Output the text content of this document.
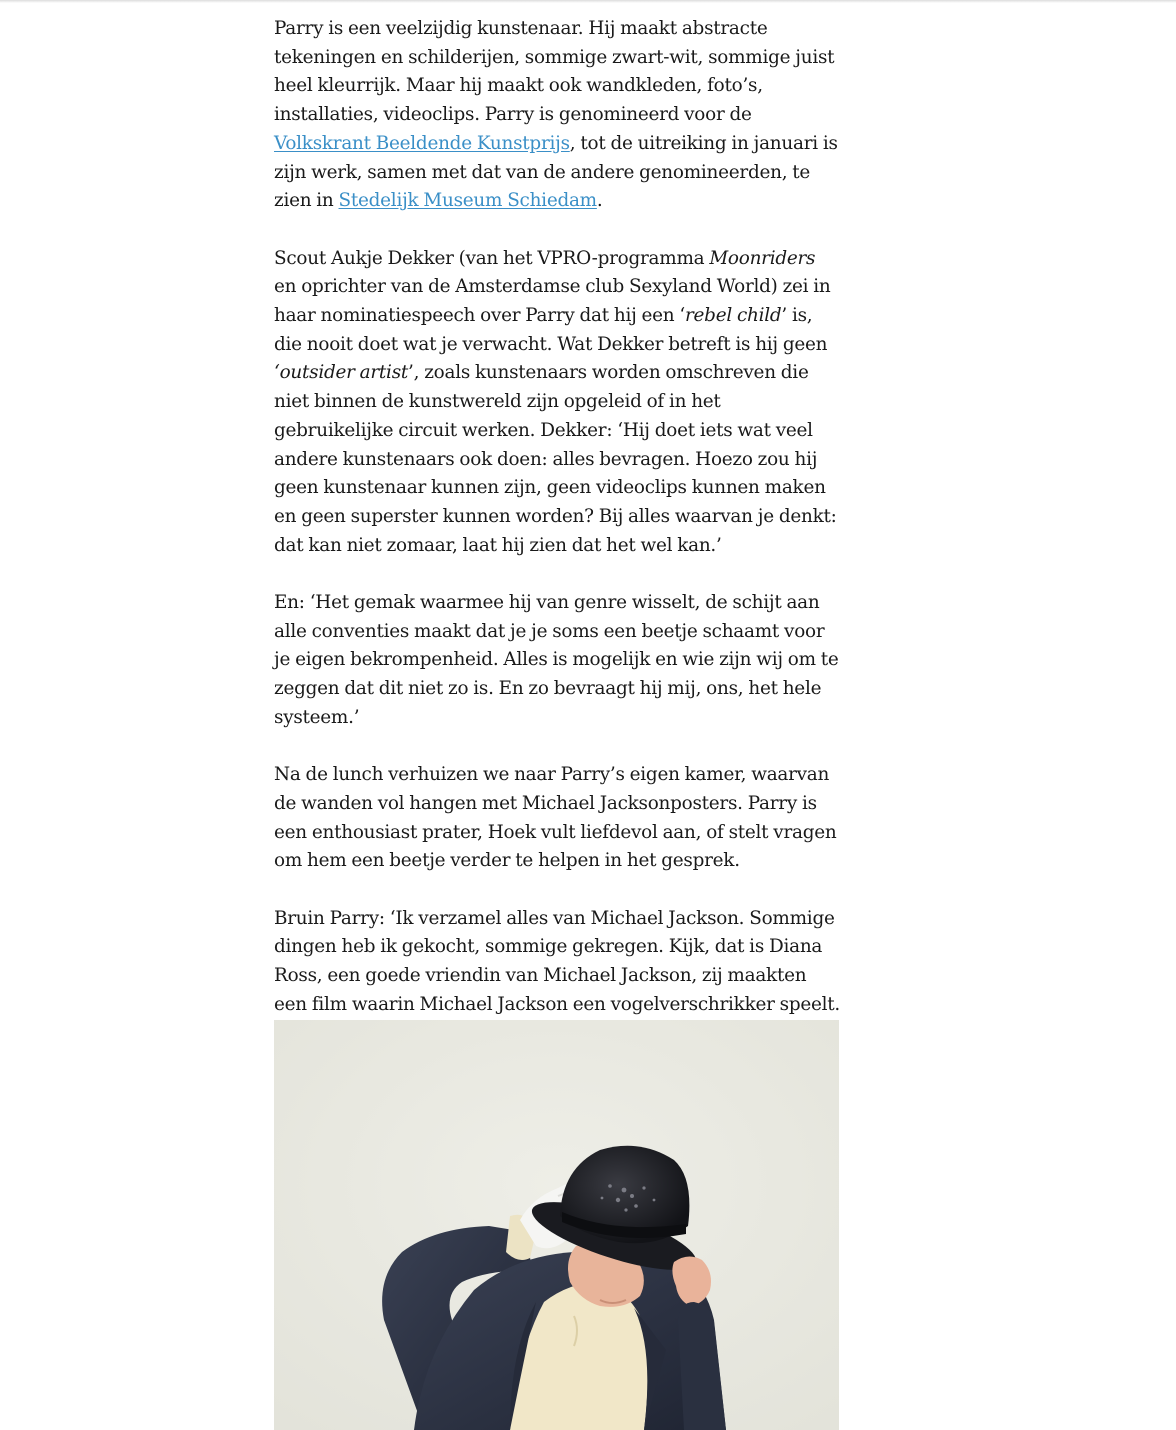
Parry is een veelzijdig kunstenaar. Hij maakt abstracte tekeningen en schilderijen, sommige zwart-wit, sommige juist heel kleurrijk. Maar hij maakt ook wandkleden, foto’s, installaties, videoclips. Parry is genomineerd voor de Volkskrant Beeldende Kunstprijs, tot de uitreiking in januari is zijn werk, samen met dat van de andere genomineerden, te zien in Stedelijk Museum Schiedam.

Scout Aukje Dekker (van het VPRO-programma Moonriders en oprichter van de Amsterdamse club Sexyland World) zei in haar nominatiespeech over Parry dat hij een ‘rebel child’ is, die nooit doet wat je verwacht. Wat Dekker betreft is hij geen ‘outsider artist’, zoals kunstenaars worden omschreven die niet binnen de kunstwereld zijn opgeleid of in het gebruikelijke circuit werken. Dekker: ‘Hij doet iets wat veel andere kunstenaars ook doen: alles bevragen. Hoezo zou hij geen kunstenaar kunnen zijn, geen videoclips kunnen maken en geen superster kunnen worden? Bij alles waarvan je denkt: dat kan niet zomaar, laat hij zien dat het wel kan.’

En: ‘Het gemak waarmee hij van genre wisselt, de schijt aan alle conventies maakt dat je je soms een beetje schaamt voor je eigen bekrompenheid. Alles is mogelijk en wie zijn wij om te zeggen dat dit niet zo is. En zo bevraagt hij mij, ons, het hele systeem.’

Na de lunch verhuizen we naar Parry’s eigen kamer, waarvan de wanden vol hangen met Michael Jacksonposters. Parry is een enthousiast prater, Hoek vult liefdevol aan, of stelt vragen om hem een beetje verder te helpen in het gesprek.

Bruin Parry: ‘Ik verzamel alles van Michael Jackson. Sommige dingen heb ik gekocht, sommige gekregen. Kijk, dat is Diana Ross, een goede vriendin van Michael Jackson, zij maakten een film waarin Michael Jackson een vogelverschrikker speelt.
